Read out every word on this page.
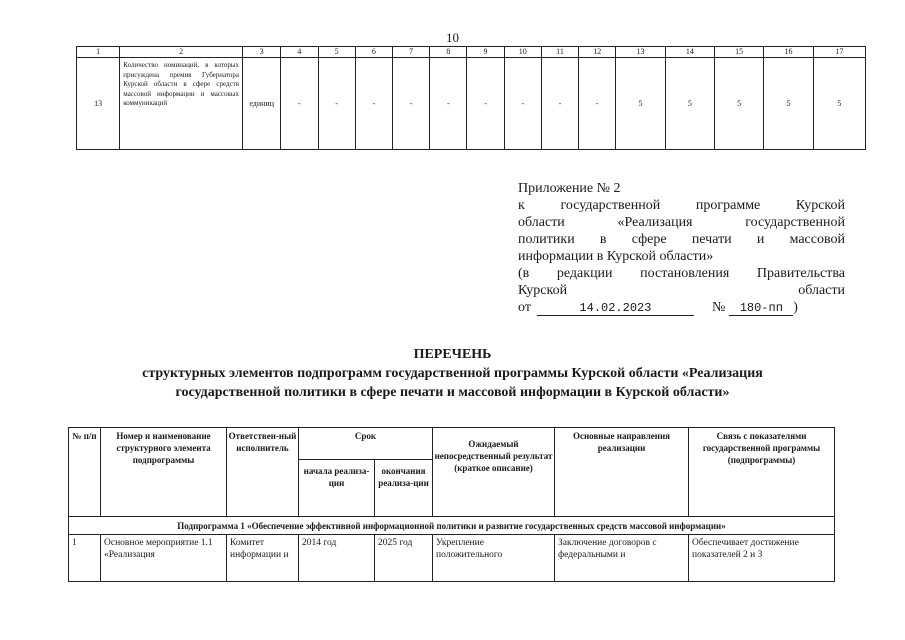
10
1	2	3	4	5	6	7	8	9	10	11	12	13	14	15	16	17
13	Количество номинаций, в которых присуждена премия Губернатора Курской области в сфере средств массовой информации и массовых коммуникаций	единиц	-	-	-	-	-	-	-	-	-	5	5	5	5	5
Приложение № 2
к государственной программе Курской
области «Реализация государственной
политики в сфере печати и массовой
информации в Курской области»
(в редакции постановления Правительства
Курской области
от	14.02.2023	№	180-пп )
ПЕРЕЧЕНЬ
структурных элементов подпрограмм государственной программы Курской области «Реализация
государственной политики в сфере печати и массовой информации в Курской области»
№ п/п	Номер и наименование структурного элемента подпрограммы	Ответствен-ный исполнитель	Срок		Ожидаемый непосредственный результат (краткое описание)	Основные направления реализации	Связь с показателями государственной программы (подпрограммы)
			начала реализа-ции	окончания реализа-ции			
Подпрограмма 1 «Обеспечение эффективной информационной политики и развитие государственных средств массовой информации»							
1	Основное мероприятие 1.1 «Реализация	Комитет информации и	2014 год	2025 год	Укрепление положительного	Заключение договоров с федеральными и	Обеспечивает достижение показателей 2 и 3
